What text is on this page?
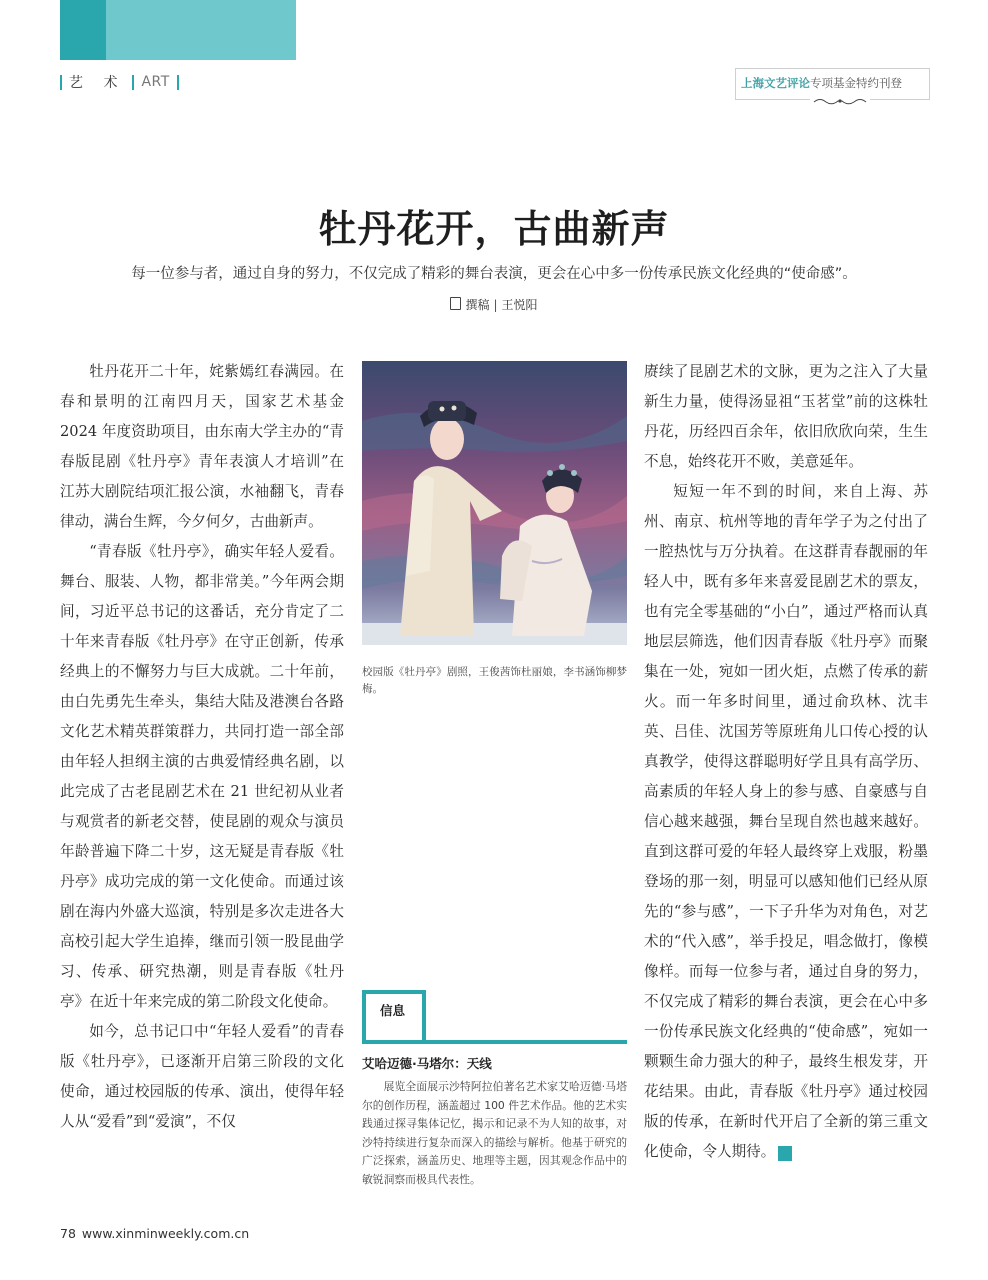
艺 术 ART	上海文艺评论专项基金特约刊登
牡丹花开，古曲新声
每一位参与者，通过自身的努力，不仅完成了精彩的舞台表演，更会在心中多一份传承民族文化经典的“使命感”。
撰稿 | 王悦阳

牡丹花开二十年，姹紫嫣红春满园。在春和景明的江南四月天，国家艺术基金 2024 年度资助项目，由东南大学主办的“青春版昆剧《牡丹亭》青年表演人才培训”在江苏大剧院结项汇报公演，水袖翻飞，青春律动，满台生辉，今夕何夕，古曲新声。

“青春版《牡丹亭》，确实年轻人爱看。舞台、服装、人物，都非常美。”今年两会期间，习近平总书记的这番话，充分肯定了二十年来青春版《牡丹亭》在守正创新，传承经典上的不懈努力与巨大成就。二十年前，由白先勇先生牵头，集结大陆及港澳台各路文化艺术精英群策群力，共同打造一部全部由年轻人担纲主演的古典爱情经典名剧，以此完成了古老昆剧艺术在 21 世纪初从业者与观赏者的新老交替，使昆剧的观众与演员年龄普遍下降二十岁，这无疑是青春版《牡丹亭》成功完成的第一文化使命。而通过该剧在海内外盛大巡演，特别是多次走进各大高校引起大学生追捧，继而引领一股昆曲学习、传承、研究热潮，则是青春版《牡丹亭》在近十年来完成的第二阶段文化使命。

如今，总书记口中“年轻人爱看”的青春版《牡丹亭》，已逐渐开启第三阶段的文化使命，通过校园版的传承、演出，使得年轻人从“爱看”到“爱演”，不仅

校园版《牡丹亭》剧照，王俊茜饰杜丽娘，李书涵饰柳梦梅。
信息
艾哈迈德·马塔尔：天线

展览全面展示沙特阿拉伯著名艺术家艾哈迈德·马塔尔的创作历程，涵盖超过 100 件艺术作品。他的艺术实践通过探寻集体记忆，揭示和记录不为人知的故事，对沙特持续进行复杂而深入的描绘与解析。他基于研究的广泛探索，涵盖历史、地理等主题，因其观念作品中的敏锐洞察而极具代表性。

赓续了昆剧艺术的文脉，更为之注入了大量新生力量，使得汤显祖“玉茗堂”前的这株牡丹花，历经四百余年，依旧欣欣向荣，生生不息，始终花开不败，美意延年。

短短一年不到的时间，来自上海、苏州、南京、杭州等地的青年学子为之付出了一腔热忱与万分执着。在这群青春靓丽的年轻人中，既有多年来喜爱昆剧艺术的票友，也有完全零基础的“小白”，通过严格而认真地层层筛选，他们因青春版《牡丹亭》而聚集在一处，宛如一团火炬，点燃了传承的薪火。而一年多时间里，通过俞玖林、沈丰英、吕佳、沈国芳等原班角儿口传心授的认真教学，使得这群聪明好学且具有高学历、高素质的年轻人身上的参与感、自豪感与自信心越来越强，舞台呈现自然也越来越好。直到这群可爱的年轻人最终穿上戏服，粉墨登场的那一刻，明显可以感知他们已经从原先的“参与感”，一下子升华为对角色，对艺术的“代入感”，举手投足，唱念做打，像模像样。而每一位参与者，通过自身的努力，不仅完成了精彩的舞台表演，更会在心中多一份传承民族文化经典的“使命感”，宛如一颗颗生命力强大的种子，最终生根发芽，开花结果。由此，青春版《牡丹亭》通过校园版的传承，在新时代开启了全新的第三重文化使命，令人期待。	民

78 www.xinminweekly.com.cn
